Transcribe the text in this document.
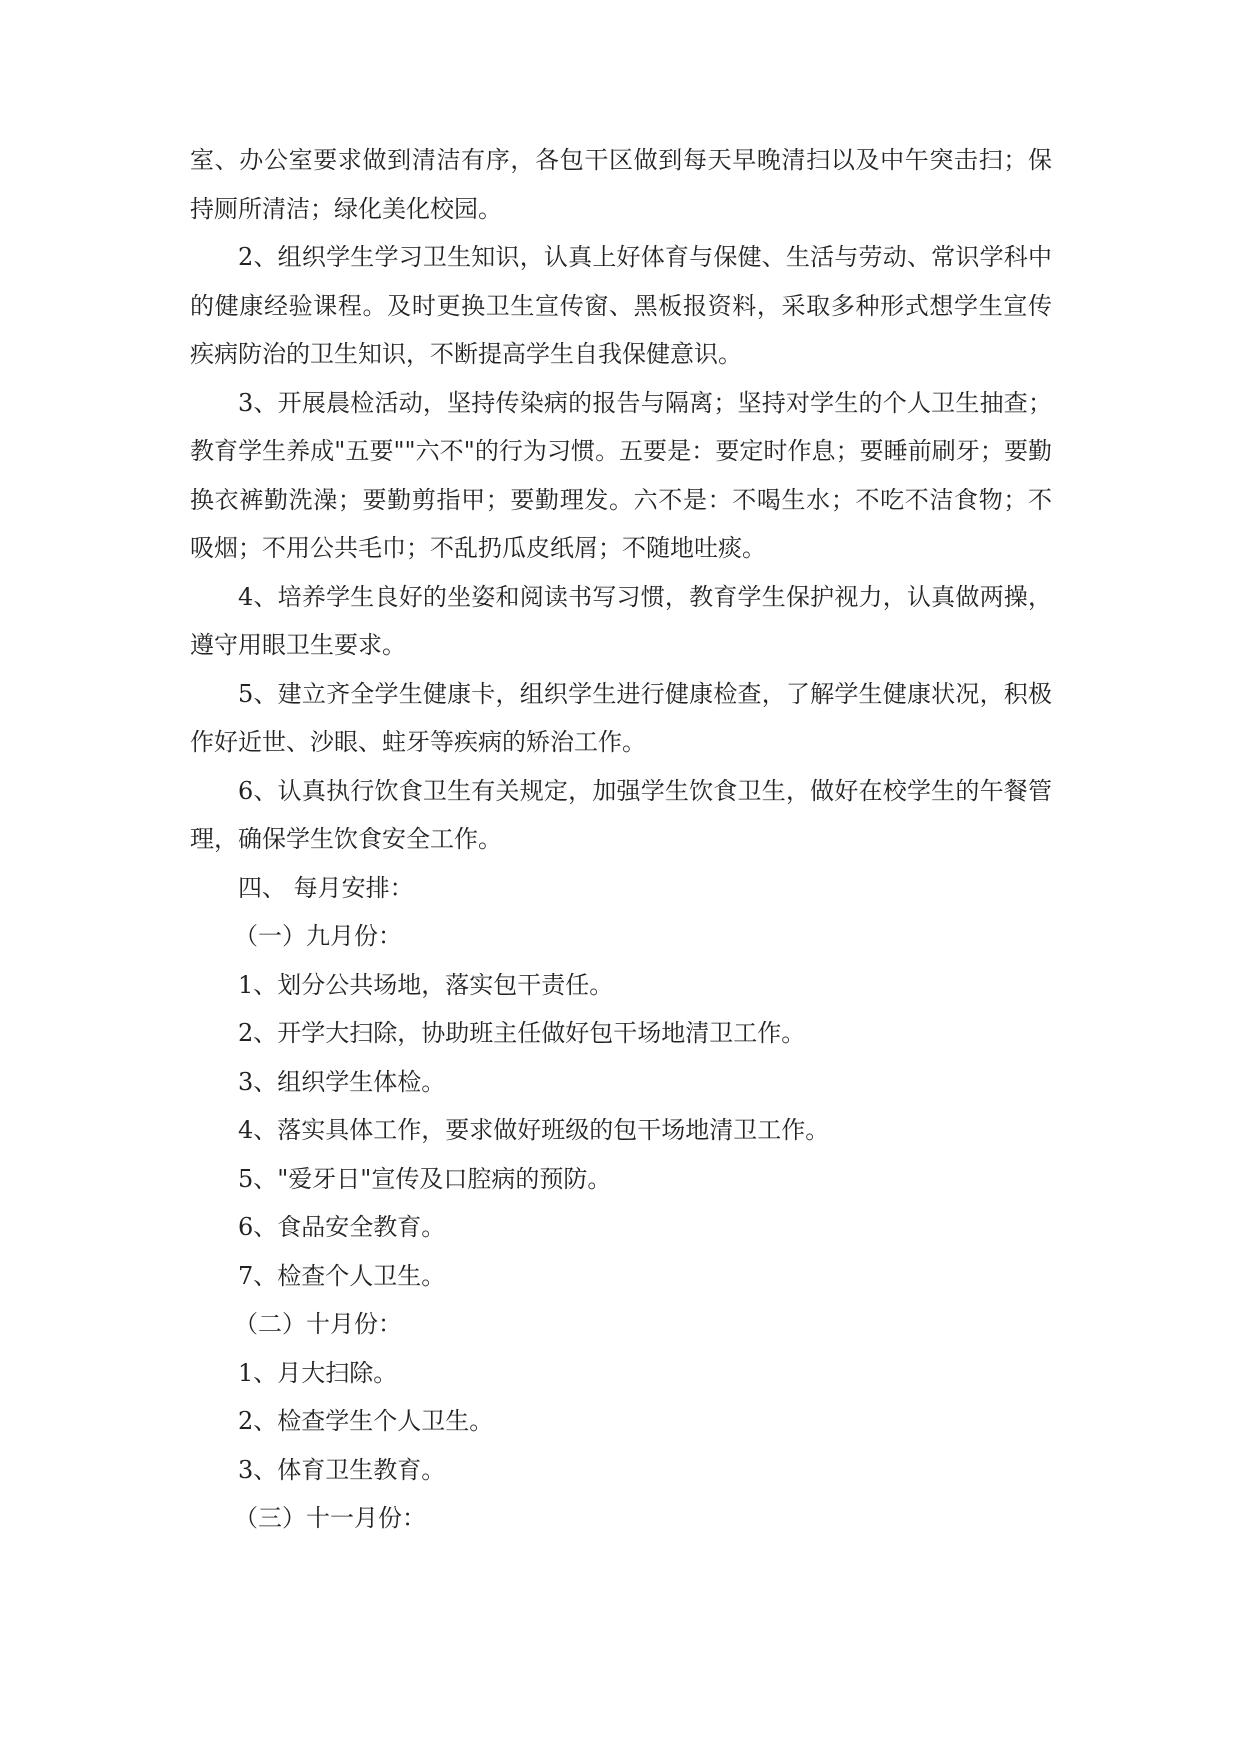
室、办公室要求做到清洁有序，各包干区做到每天早晚清扫以及中午突击扫；保持厕所清洁；绿化美化校园。

2、组织学生学习卫生知识，认真上好体育与保健、生活与劳动、常识学科中的健康经验课程。及时更换卫生宣传窗、黑板报资料，采取多种形式想学生宣传疾病防治的卫生知识，不断提高学生自我保健意识。

3、开展晨检活动，坚持传染病的报告与隔离；坚持对学生的个人卫生抽查；教育学生养成"五要""六不"的行为习惯。五要是：要定时作息；要睡前刷牙；要勤换衣裤勤洗澡；要勤剪指甲；要勤理发。六不是：不喝生水；不吃不洁食物；不吸烟；不用公共毛巾；不乱扔瓜皮纸屑；不随地吐痰。

4、培养学生良好的坐姿和阅读书写习惯，教育学生保护视力，认真做两操，遵守用眼卫生要求。

5、建立齐全学生健康卡，组织学生进行健康检查，了解学生健康状况，积极作好近世、沙眼、蛀牙等疾病的矫治工作。

6、认真执行饮食卫生有关规定，加强学生饮食卫生，做好在校学生的午餐管理，确保学生饮食安全工作。

四、 每月安排：

（一）九月份：

1、划分公共场地，落实包干责任。

2、开学大扫除，协助班主任做好包干场地清卫工作。

3、组织学生体检。

4、落实具体工作，要求做好班级的包干场地清卫工作。

5、"爱牙日"宣传及口腔病的预防。

6、食品安全教育。

7、检查个人卫生。

（二）十月份：

1、月大扫除。

2、检查学生个人卫生。

3、体育卫生教育。

（三）十一月份：
